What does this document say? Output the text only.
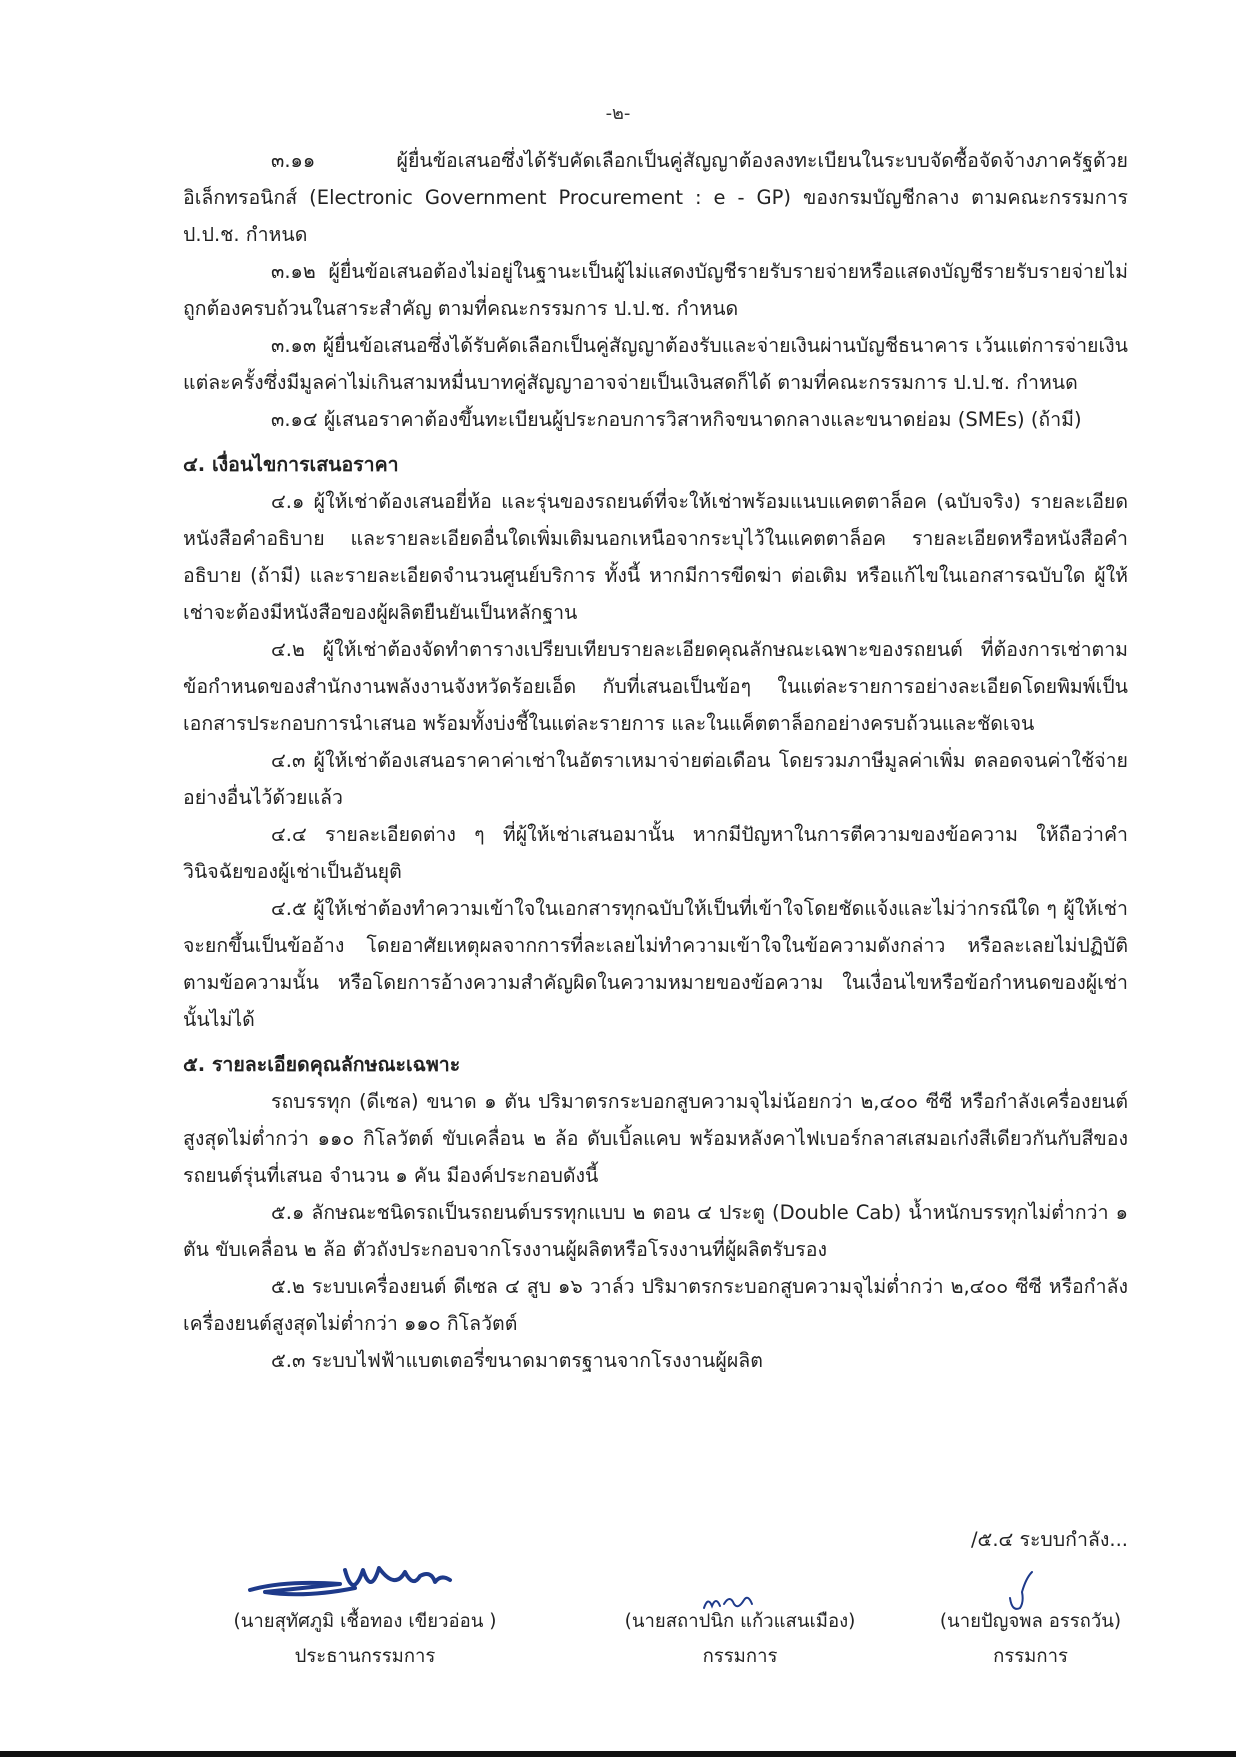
-๒-

๓.๑๑ ผู้ยื่นข้อเสนอซึ่งได้รับคัดเลือกเป็นคู่สัญญาต้องลงทะเบียนในระบบจัดซื้อจัดจ้างภาครัฐด้วยอิเล็กทรอนิกส์ (Electronic Government Procurement : e - GP) ของกรมบัญชีกลาง ตามคณะกรรมการ ป.ป.ช. กำหนด

๓.๑๒ ผู้ยื่นข้อเสนอต้องไม่อยู่ในฐานะเป็นผู้ไม่แสดงบัญชีรายรับรายจ่ายหรือแสดงบัญชีรายรับรายจ่ายไม่ถูกต้องครบถ้วนในสาระสำคัญ ตามที่คณะกรรมการ ป.ป.ช. กำหนด

๓.๑๓ ผู้ยื่นข้อเสนอซึ่งได้รับคัดเลือกเป็นคู่สัญญาต้องรับและจ่ายเงินผ่านบัญชีธนาคาร เว้นแต่การจ่ายเงินแต่ละครั้งซึ่งมีมูลค่าไม่เกินสามหมื่นบาทคู่สัญญาอาจจ่ายเป็นเงินสดก็ได้ ตามที่คณะกรรมการ ป.ป.ช. กำหนด

๓.๑๔ ผู้เสนอราคาต้องขึ้นทะเบียนผู้ประกอบการวิสาหกิจขนาดกลางและขนาดย่อม (SMEs) (ถ้ามี)

๔. เงื่อนไขการเสนอราคา

๔.๑ ผู้ให้เช่าต้องเสนอยี่ห้อ และรุ่นของรถยนต์ที่จะให้เช่าพร้อมแนบแคตตาล็อค (ฉบับจริง) รายละเอียดหนังสือคำอธิบาย และรายละเอียดอื่นใดเพิ่มเติมนอกเหนือจากระบุไว้ในแคตตาล็อค รายละเอียดหรือหนังสือคำอธิบาย (ถ้ามี) และรายละเอียดจำนวนศูนย์บริการ ทั้งนี้ หากมีการขีดฆ่า ต่อเติม หรือแก้ไขในเอกสารฉบับใด ผู้ให้เช่าจะต้องมีหนังสือของผู้ผลิตยืนยันเป็นหลักฐาน

๔.๒ ผู้ให้เช่าต้องจัดทำตารางเปรียบเทียบรายละเอียดคุณลักษณะเฉพาะของรถยนต์ ที่ต้องการเช่าตามข้อกำหนดของสำนักงานพลังงานจังหวัดร้อยเอ็ด กับที่เสนอเป็นข้อๆ ในแต่ละรายการอย่างละเอียดโดยพิมพ์เป็นเอกสารประกอบการนำเสนอ พร้อมทั้งบ่งชี้ในแต่ละรายการ และในแค็ตตาล็อกอย่างครบถ้วนและชัดเจน

๔.๓ ผู้ให้เช่าต้องเสนอราคาค่าเช่าในอัตราเหมาจ่ายต่อเดือน โดยรวมภาษีมูลค่าเพิ่ม ตลอดจนค่าใช้จ่ายอย่างอื่นไว้ด้วยแล้ว

๔.๔ รายละเอียดต่าง ๆ ที่ผู้ให้เช่าเสนอมานั้น หากมีปัญหาในการตีความของข้อความ ให้ถือว่าคำวินิจฉัยของผู้เช่าเป็นอันยุติ

๔.๕ ผู้ให้เช่าต้องทำความเข้าใจในเอกสารทุกฉบับให้เป็นที่เข้าใจโดยชัดแจ้งและไม่ว่ากรณีใด ๆ ผู้ให้เช่าจะยกขึ้นเป็นข้ออ้าง โดยอาศัยเหตุผลจากการที่ละเลยไม่ทำความเข้าใจในข้อความดังกล่าว หรือละเลยไม่ปฏิบัติตามข้อความนั้น หรือโดยการอ้างความสำคัญผิดในความหมายของข้อความ ในเงื่อนไขหรือข้อกำหนดของผู้เช่านั้นไม่ได้

๕. รายละเอียดคุณลักษณะเฉพาะ

รถบรรทุก (ดีเซล) ขนาด ๑ ตัน ปริมาตรกระบอกสูบความจุไม่น้อยกว่า ๒,๔๐๐ ซีซี หรือกำลังเครื่องยนต์สูงสุดไม่ต่ำกว่า ๑๑๐ กิโลวัตต์ ขับเคลื่อน ๒ ล้อ ดับเบิ้ลแคบ พร้อมหลังคาไฟเบอร์กลาสเสมอเก๋งสีเดียวกันกับสีของรถยนต์รุ่นที่เสนอ จำนวน ๑ คัน มีองค์ประกอบดังนี้

๕.๑ ลักษณะชนิดรถเป็นรถยนต์บรรทุกแบบ ๒ ตอน ๔ ประตู (Double Cab) น้ำหนักบรรทุกไม่ต่ำกว่า ๑ ตัน ขับเคลื่อน ๒ ล้อ ตัวถังประกอบจากโรงงานผู้ผลิตหรือโรงงานที่ผู้ผลิตรับรอง

๕.๒ ระบบเครื่องยนต์ ดีเซล ๔ สูบ ๑๖ วาล์ว ปริมาตรกระบอกสูบความจุไม่ต่ำกว่า ๒,๔๐๐ ซีซี หรือกำลังเครื่องยนต์สูงสุดไม่ต่ำกว่า ๑๑๐ กิโลวัตต์

๕.๓ ระบบไฟฟ้าแบตเตอรี่ขนาดมาตรฐานจากโรงงานผู้ผลิต

/๕.๔ ระบบกำลัง...
(นายสุทัศภูมิ เชื้อทอง เขียวอ่อน )
ประธานกรรมการ
(นายสถาปนิก แก้วแสนเมือง)
กรรมการ
(นายปัญจพล อรรถวัน)
กรรมการ
